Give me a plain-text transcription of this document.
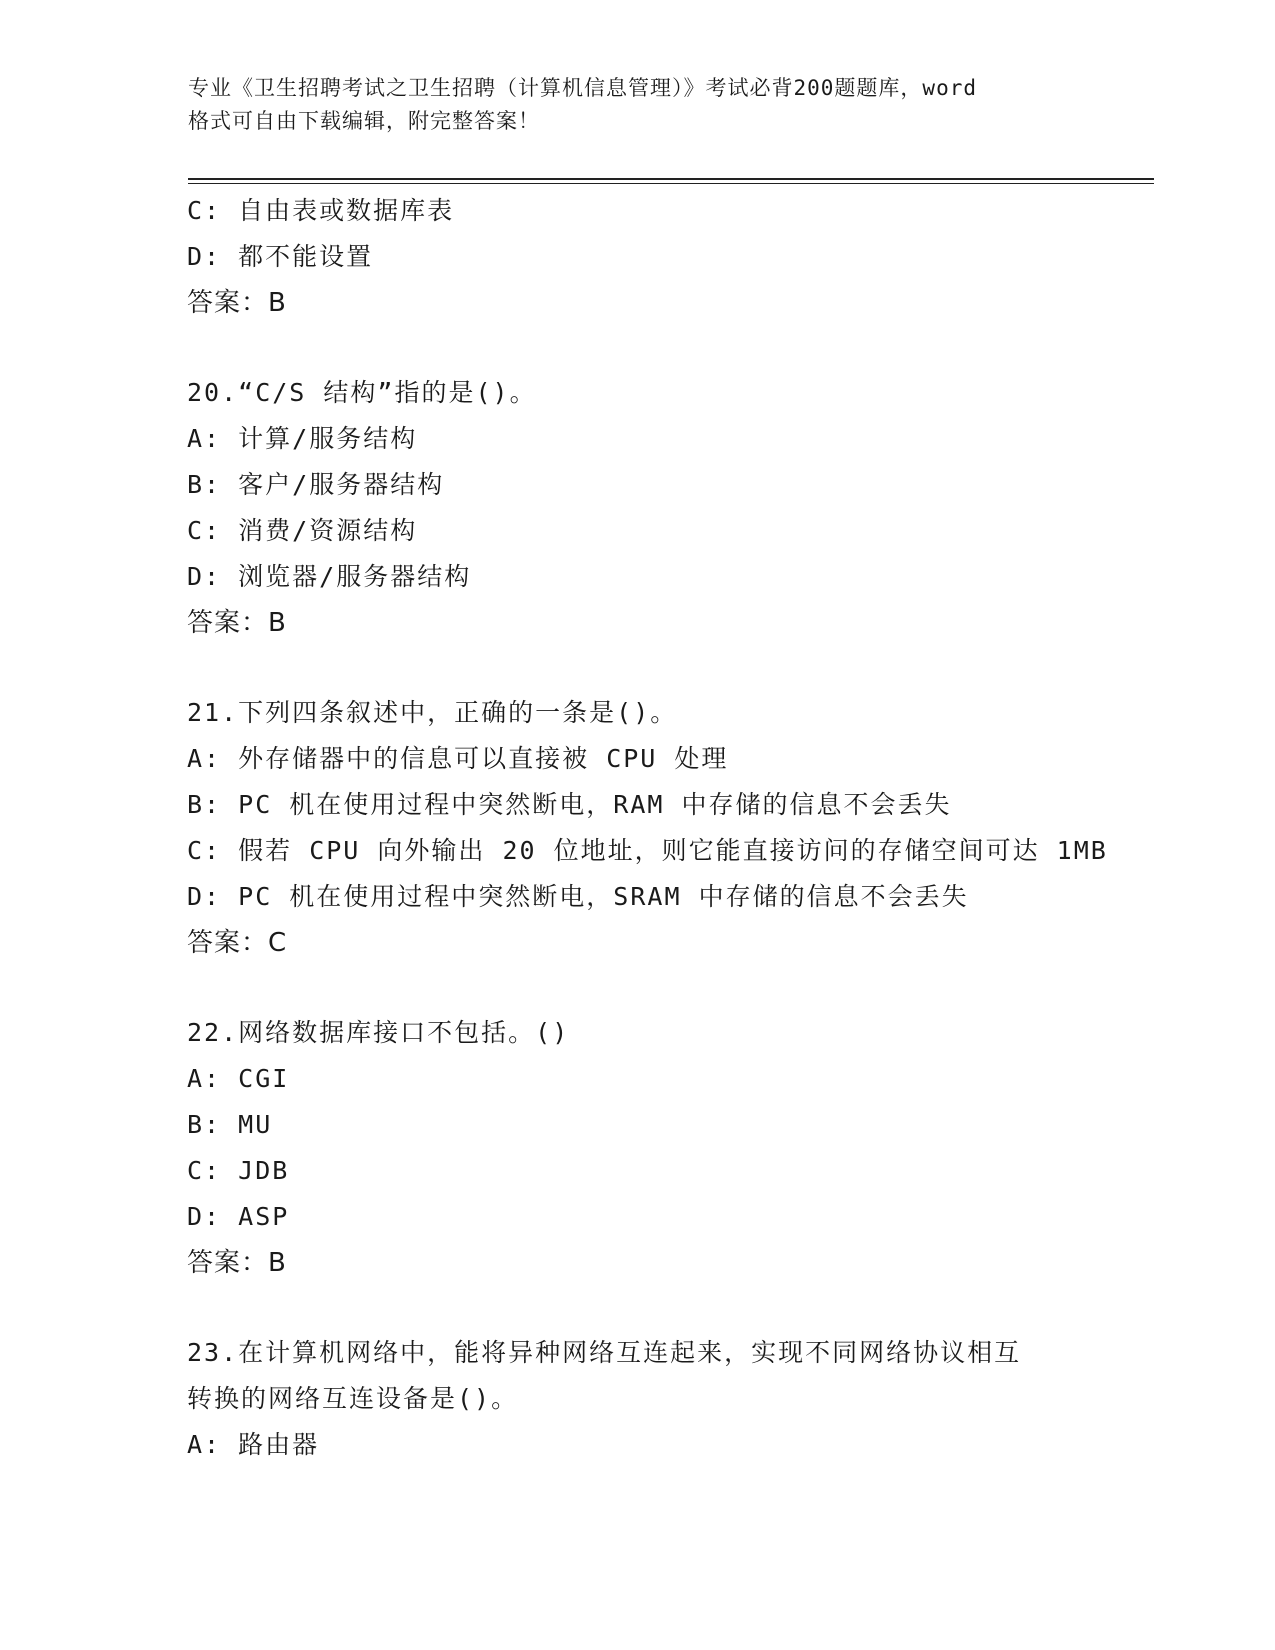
专业《卫生招聘考试之卫生招聘（计算机信息管理）》考试必背200题题库，word
格式可自由下载编辑，附完整答案！
C: 自由表或数据库表
D: 都不能设置
答案：B
20.“C/S 结构”指的是()。
A: 计算/服务结构
B: 客户/服务器结构
C: 消费/资源结构
D: 浏览器/服务器结构
答案：B
21.下列四条叙述中，正确的一条是()。
A: 外存储器中的信息可以直接被 CPU 处理
B: PC 机在使用过程中突然断电，RAM 中存储的信息不会丢失
C: 假若 CPU 向外输出 20 位地址，则它能直接访问的存储空间可达 1MB
D: PC 机在使用过程中突然断电，SRAM 中存储的信息不会丢失
答案：C
22.网络数据库接口不包括。()
A: CGI
B: MU
C: JDB
D: ASP
答案：B
23.在计算机网络中，能将异种网络互连起来，实现不同网络协议相互
转换的网络互连设备是()。
A: 路由器
